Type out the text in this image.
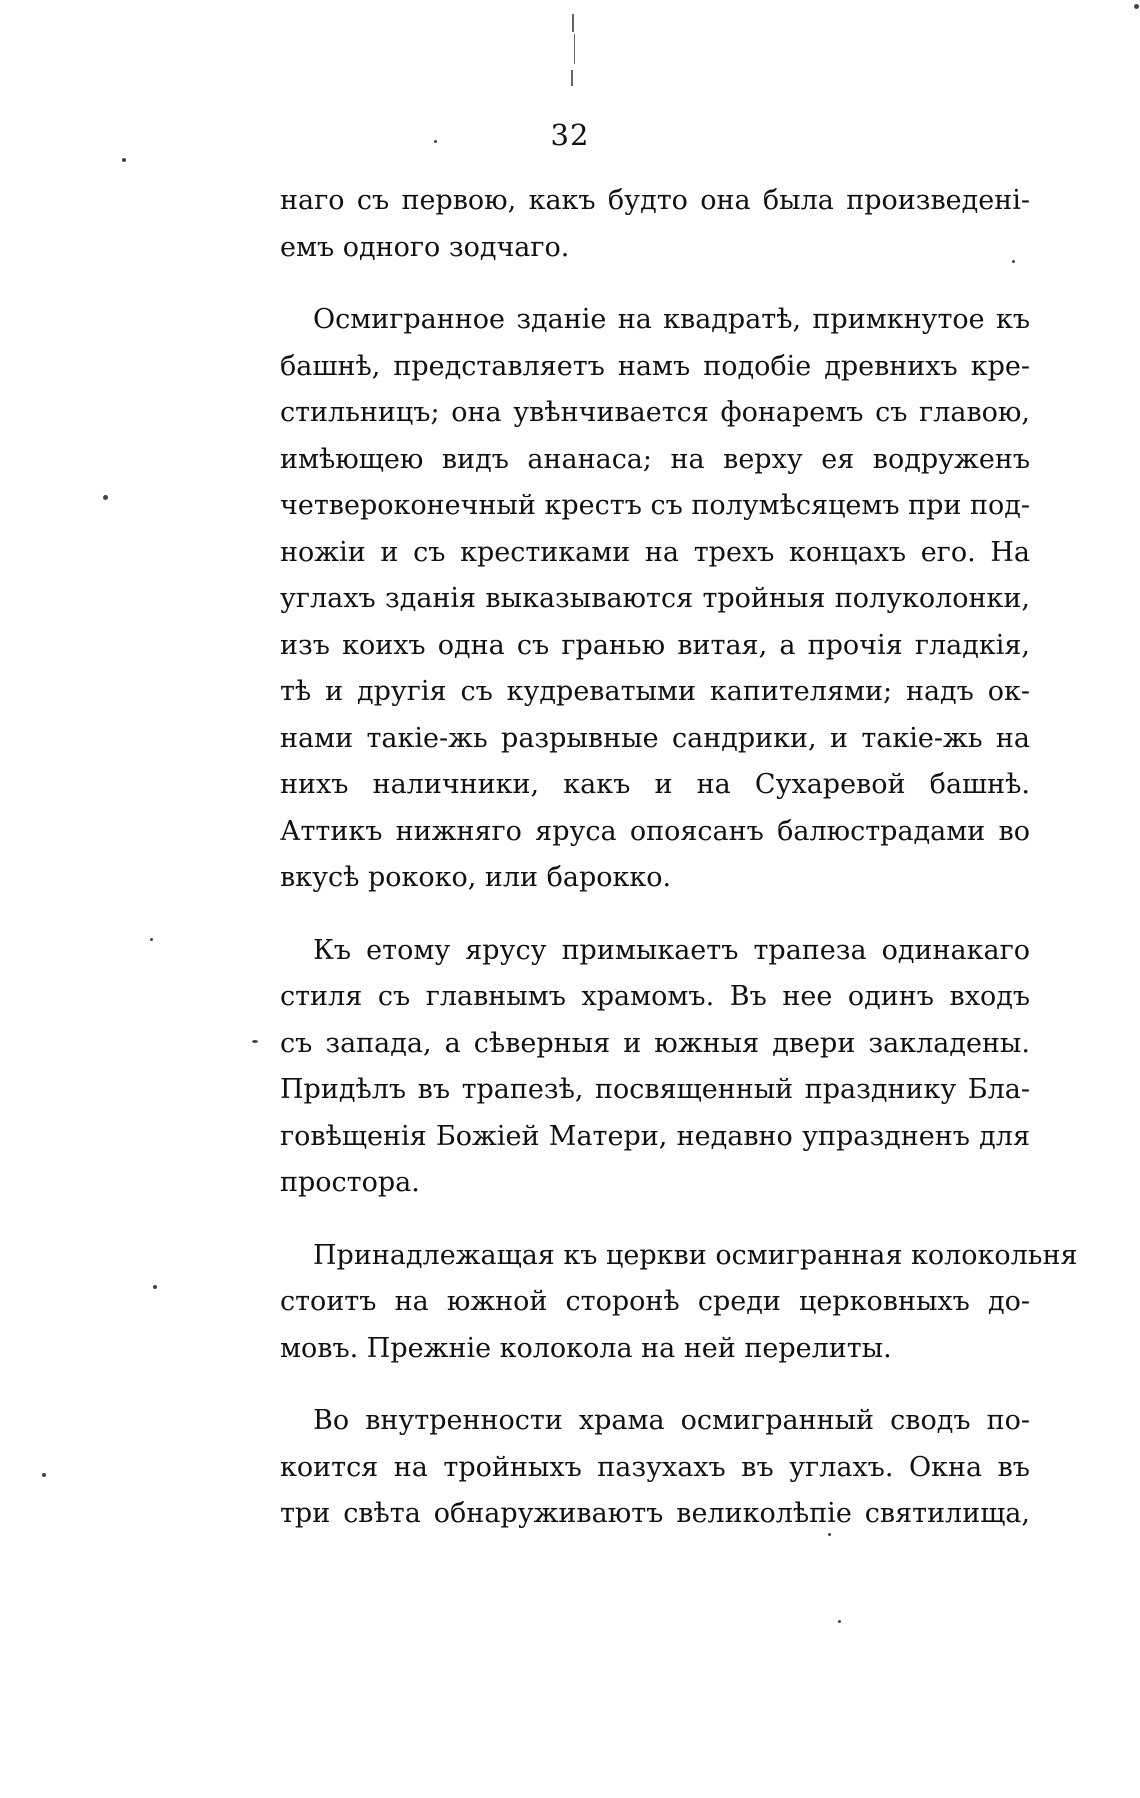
32
наго съ первою, какъ будто она была произведені-
емъ одного зодчаго.
Осмигранное зданіе на квадратѣ, примкнутое къ
башнѣ, представляетъ намъ подобіе древнихъ кре-
стильницъ; она увѣнчивается фонаремъ съ главою,
имѣющею видъ ананаса; на верху ея водруженъ
четвероконечный крестъ съ полумѣсяцемъ при под-
ножіи и съ крестиками на трехъ концахъ его. На
углахъ зданія выказываются тройныя полуколонки,
изъ коихъ одна съ гранью витая, а прочія гладкія,
тѣ и другія съ кудреватыми капителями; надъ ок-
нами такіе-жь разрывные сандрики, и такіе-жь на
нихъ наличники, какъ и на Сухаревой башнѣ.
Аттикъ нижняго яруса опоясанъ балюстрадами во
вкусѣ рококо, или барокко.
Къ етому ярусу примыкаетъ трапеза одинакаго
стиля съ главнымъ храмомъ. Въ нее одинъ входъ
съ запада, а сѣверныя и южныя двери заклaдены.
Придѣлъ въ трапезѣ, посвященный празднику Бла-
говѣщенія Божіей Матери, недавно упразднeнъ для
простора.
Принадлежащая къ церкви осмигранная колокольня
стоитъ на южной сторонѣ среди церковныхъ до-
мовъ. Прежніе колокола на ней перелиты.
Во внутренности храма осмигранный сводъ по-
коится на тройныхъ пазухахъ въ углахъ. Окна въ
три свѣта обнаруживаютъ великолѣпіе святилища,
